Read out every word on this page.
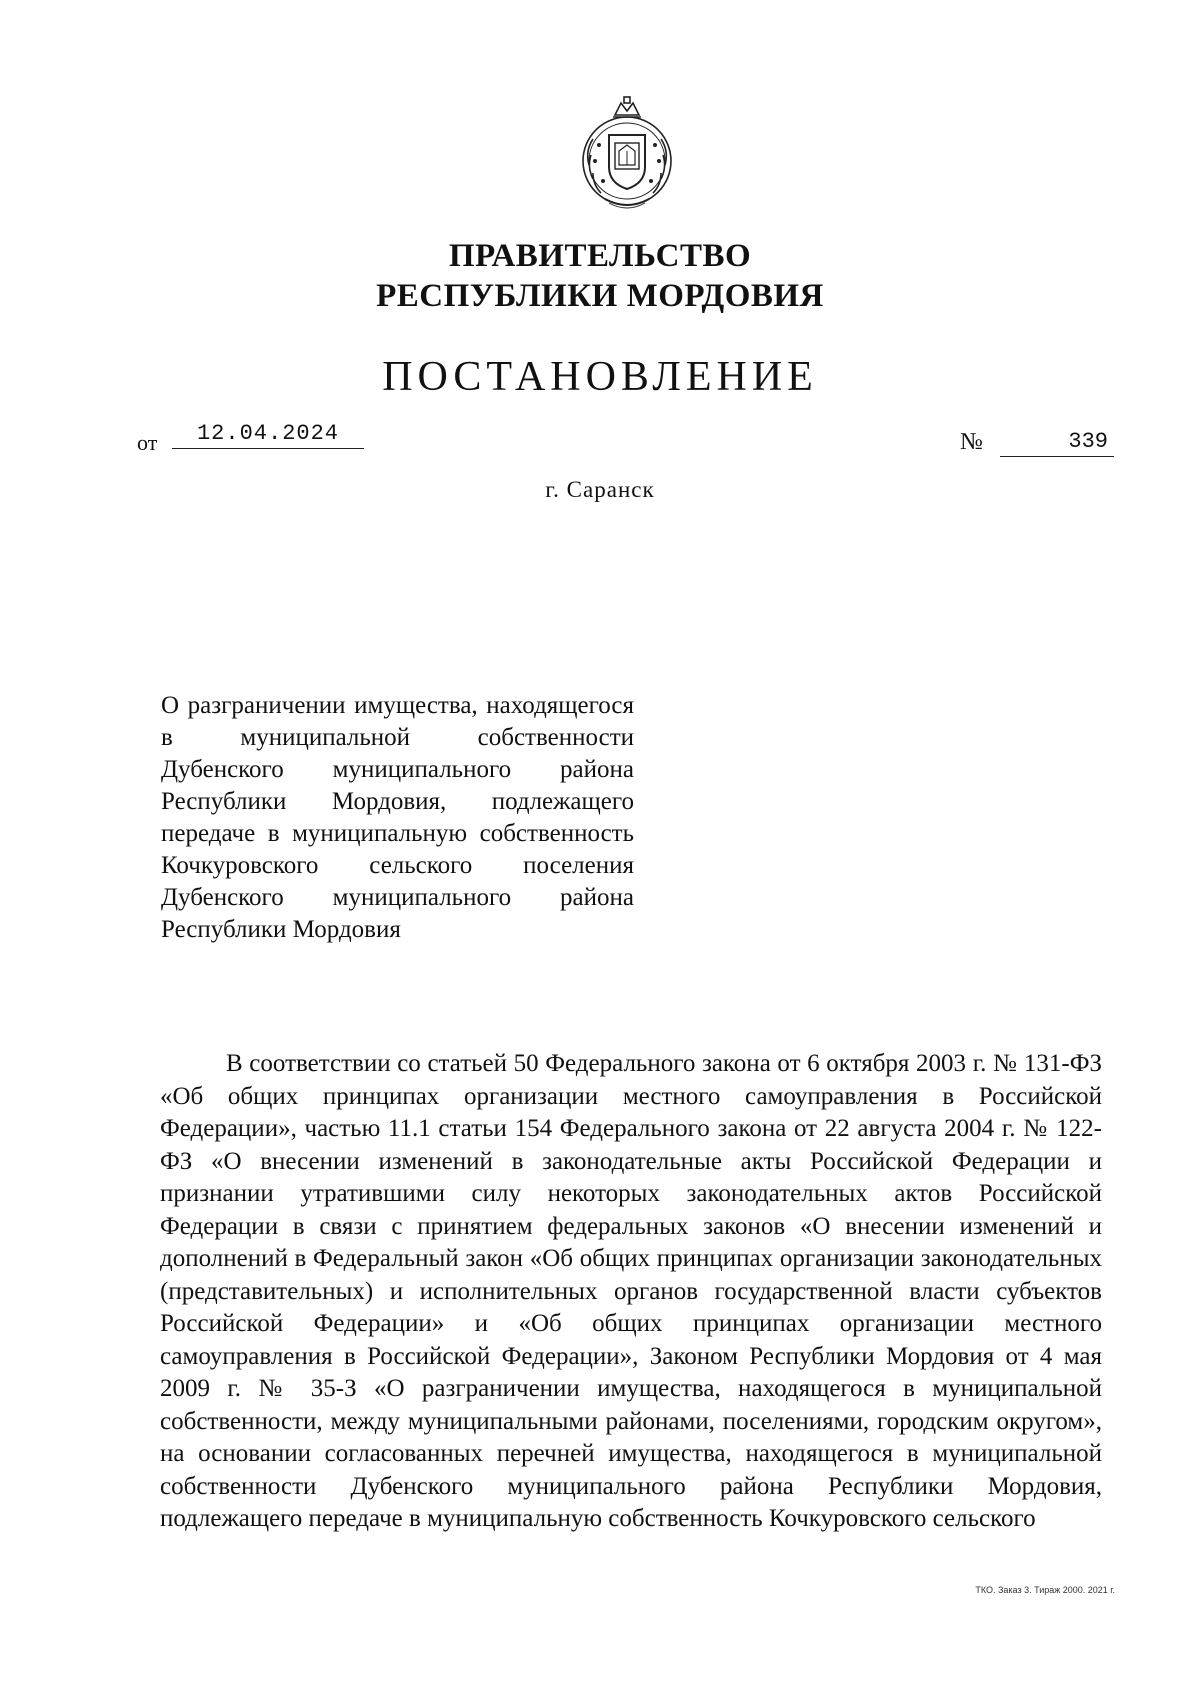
ПРАВИТЕЛЬСТВО
РЕСПУБЛИКИ МОРДОВИЯ
ПОСТАНОВЛЕНИЕ
от	12.04.2024	№	339
г. Саранск

О разграничении имущества, находящегося в муниципальной собственности Дубенского муниципального района Республики Мордовия, подлежащего передаче в муниципальную собственность Кочкуровского сельского поселения Дубенского муниципального района Республики Мордовия

В соответствии со статьей 50 Федерального закона от 6 октября 2003 г. № 131-ФЗ «Об общих принципах организации местного самоуправления в Российской Федерации», частью 11.1 статьи 154 Федерального закона от 22 августа 2004 г. № 122-ФЗ «О внесении изменений в законодательные акты Российской Федерации и признании утратившими силу некоторых законодательных актов Российской Федерации в связи с принятием федеральных законов «О внесении изменений и дополнений в Федеральный закон «Об общих принципах организации законодательных (представительных) и исполнительных органов государственной власти субъектов Российской Федерации» и «Об общих принципах организации местного самоуправления в Российской Федерации», Законом Республики Мордовия от 4 мая 2009 г. № 35-З «О разграничении имущества, находящегося в муниципальной собственности, между муниципальными районами, поселениями, городским округом», на основании согласованных перечней имущества, находящегося в муниципальной собственности Дубенского муниципального района Республики Мордовия, подлежащего передаче в муниципальную собственность Кочкуровского сельского

ТКО. Заказ 3. Тираж 2000. 2021 г.
